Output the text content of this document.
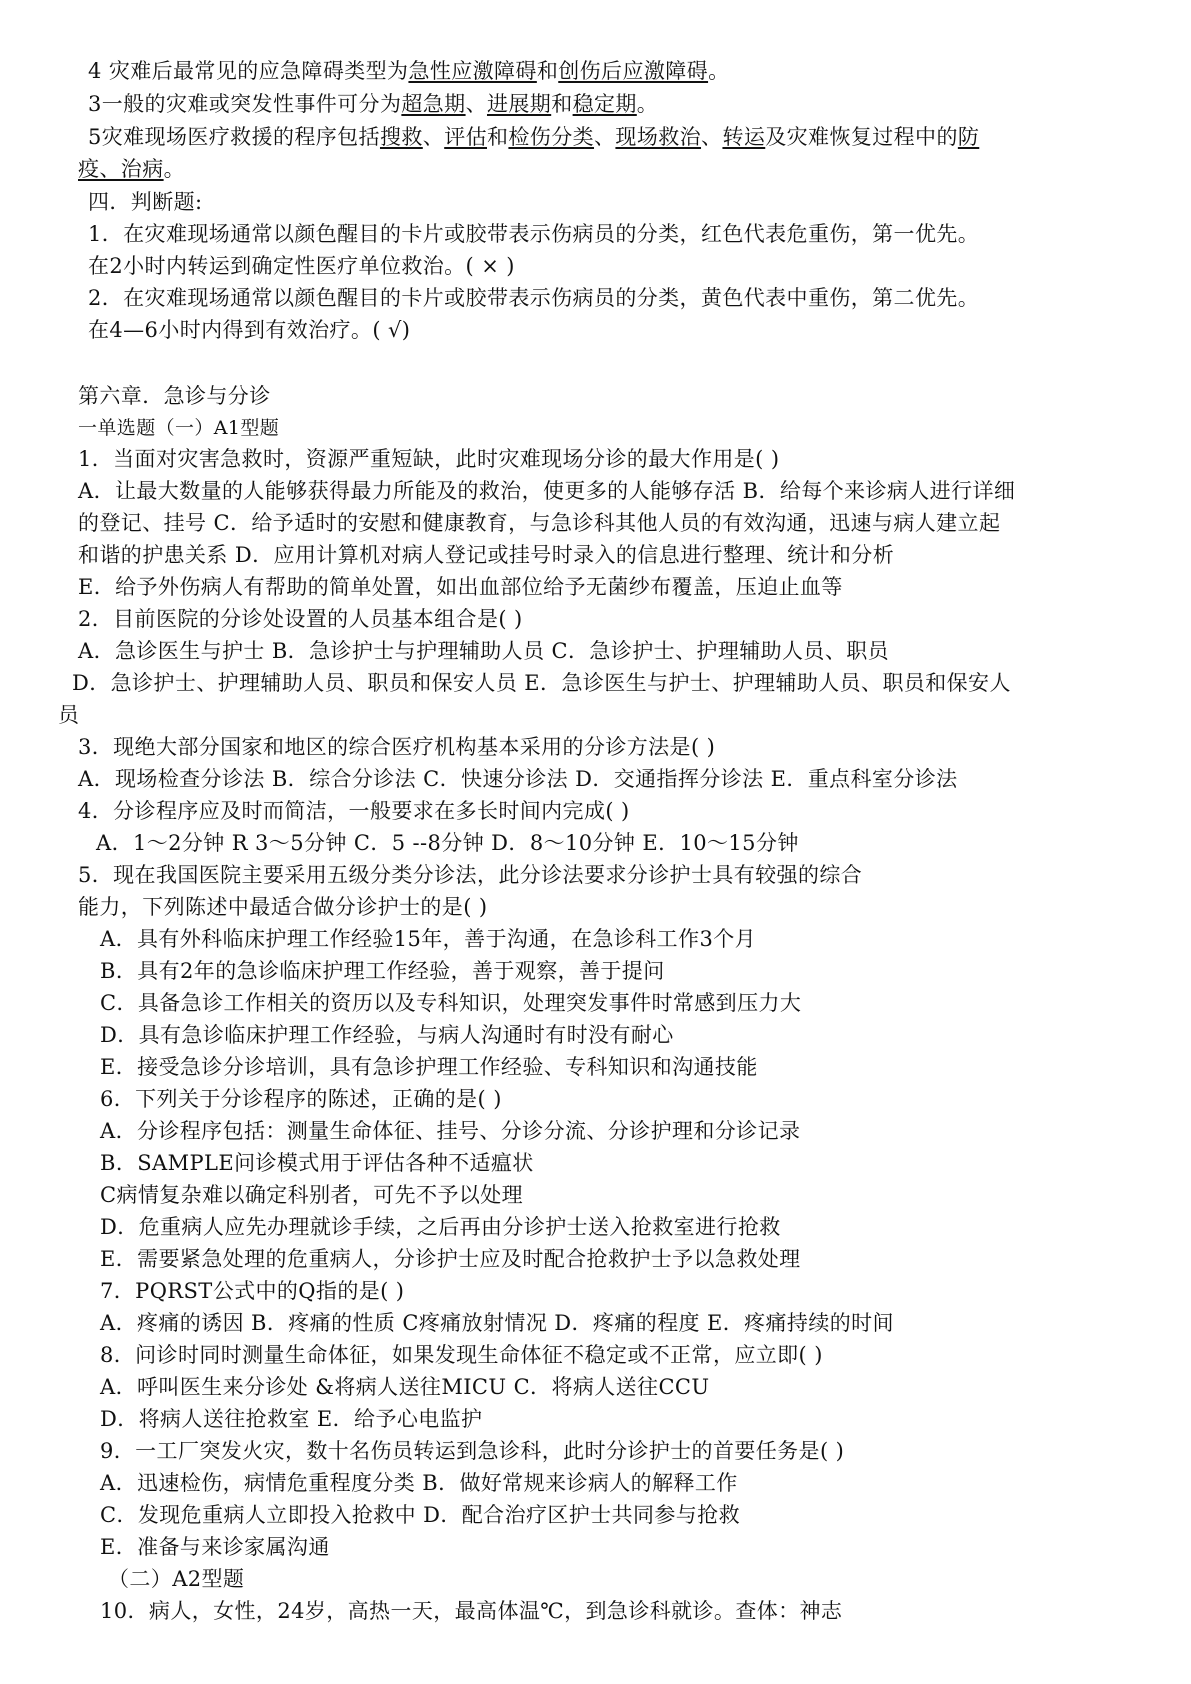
4 灾难后最常见的应急障碍类型为急性应激障碍和创伤后应激障碍。
3一般的灾难或突发性事件可分为超急期、进展期和稳定期。
5灾难现场医疗救援的程序包括搜救、评估和检伤分类、现场救治、转运及灾难恢复过程中的防
疫、治病。
四．判断题:
1．在灾难现场通常以颜色醒目的卡片或胶带表示伤病员的分类，红色代表危重伤，第一优先。
在2小时内转运到确定性医疗单位救治。( × )
2．在灾难现场通常以颜色醒目的卡片或胶带表示伤病员的分类，黄色代表中重伤，第二优先。
在4—6小时内得到有效治疗。( √)
第六章．急诊与分诊
一单选题（一）A1型题
1．当面对灾害急救时，资源严重短缺，此时灾难现场分诊的最大作用是( )
A．让最大数量的人能够获得最力所能及的救治，使更多的人能够存活 B．给每个来诊病人进行详细
的登记、挂号 C．给予适时的安慰和健康教育，与急诊科其他人员的有效沟通，迅速与病人建立起
和谐的护患关系 D．应用计算机对病人登记或挂号时录入的信息进行整理、统计和分析
E．给予外伤病人有帮助的简单处置，如出血部位给予无菌纱布覆盖，压迫止血等
2．目前医院的分诊处设置的人员基本组合是( )
A．急诊医生与护士 B．急诊护士与护理辅助人员 C．急诊护士、护理辅助人员、职员
D．急诊护士、护理辅助人员、职员和保安人员 E．急诊医生与护士、护理辅助人员、职员和保安人
员
3．现绝大部分国家和地区的综合医疗机构基本采用的分诊方法是( )
A．现场检查分诊法 B．综合分诊法 C．快速分诊法 D．交通指挥分诊法 E．重点科室分诊法
4．分诊程序应及时而简洁，一般要求在多长时间内完成( )
A．1～2分钟 R 3～5分钟 C．5 --8分钟 D．8～10分钟 E．10～15分钟
5．现在我国医院主要采用五级分类分诊法，此分诊法要求分诊护士具有较强的综合
能力，下列陈述中最适合做分诊护士的是( )
A．具有外科临床护理工作经验15年，善于沟通，在急诊科工作3个月
B．具有2年的急诊临床护理工作经验，善于观察，善于提问
C．具备急诊工作相关的资历以及专科知识，处理突发事件时常感到压力大
D．具有急诊临床护理工作经验，与病人沟通时有时没有耐心
E．接受急诊分诊培训，具有急诊护理工作经验、专科知识和沟通技能
6．下列关于分诊程序的陈述，正确的是( )
A．分诊程序包括：测量生命体征、挂号、分诊分流、分诊护理和分诊记录
B．SAMPLE问诊模式用于评估各种不适瘟状
C病情复杂难以确定科别者，可先不予以处理
D．危重病人应先办理就诊手续，之后再由分诊护士送入抢救室进行抢救
E．需要紧急处理的危重病人，分诊护士应及时配合抢救护士予以急救处理
7．PQRST公式中的Q指的是( )
A．疼痛的诱因 B．疼痛的性质 C疼痛放射情况 D．疼痛的程度 E．疼痛持续的时间
8．问诊时同时测量生命体征，如果发现生命体征不稳定或不正常，应立即( )
A．呼叫医生来分诊处 &将病人送往MICU C．将病人送往CCU
D．将病人送往抢救室 E．给予心电监护
9．一工厂突发火灾，数十名伤员转运到急诊科，此时分诊护士的首要任务是( )
A．迅速检伤，病情危重程度分类 B．做好常规来诊病人的解释工作
C．发现危重病人立即投入抢救中 D．配合治疗区护士共同参与抢救
E．准备与来诊家属沟通
（二）A2型题
10．病人，女性，24岁，高热一天，最高体温℃，到急诊科就诊。查体：神志
